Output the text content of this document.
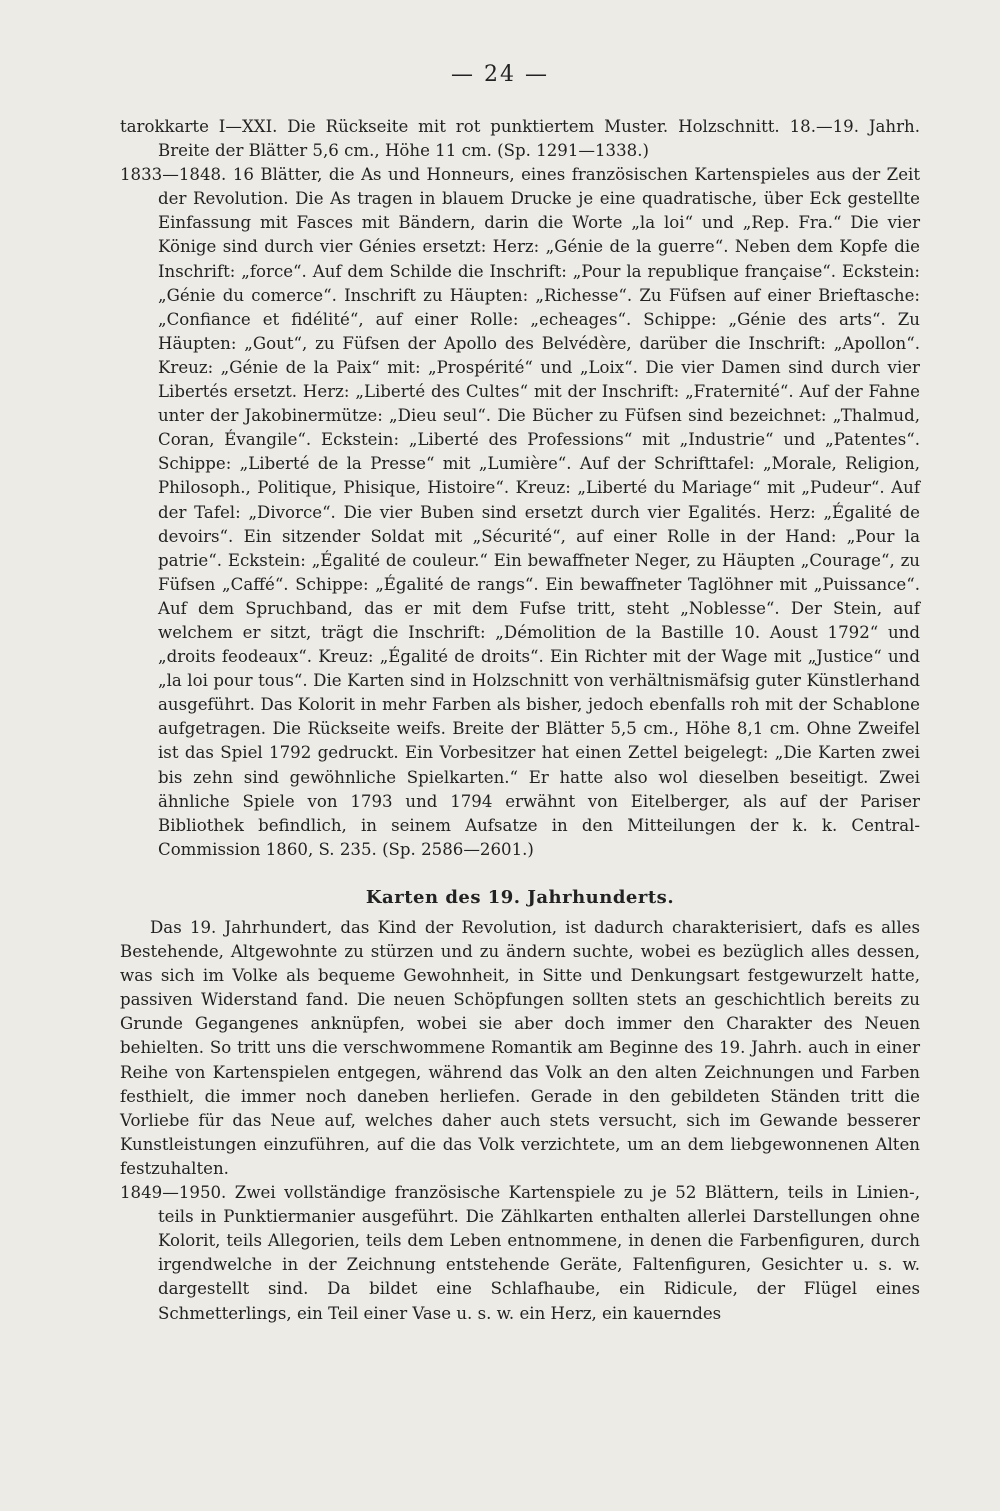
— 24 —

tarokkarte I—XXI. Die Rückseite mit rot punktiertem Muster. Holzschnitt. 18.—19. Jahrh. Breite der Blätter 5,6 cm., Höhe 11 cm. (Sp. 1291—1338.)

1833—1848. 16 Blätter, die As und Honneurs, eines französischen Kartenspieles aus der Zeit der Revolution. Die As tragen in blauem Drucke je eine quadratische, über Eck gestellte Einfassung mit Fasces mit Bändern, darin die Worte „la loi“ und „Rep. Fra.“ Die vier Könige sind durch vier Génies ersetzt: Herz: „Génie de la guerre“. Neben dem Kopfe die Inschrift: „force“. Auf dem Schilde die Inschrift: „Pour la republique française“. Eckstein: „Génie du comerce“. Inschrift zu Häupten: „Richesse“. Zu Füfsen auf einer Brieftasche: „Confiance et fidélité“, auf einer Rolle: „echeages“. Schippe: „Génie des arts“. Zu Häupten: „Gout“, zu Füfsen der Apollo des Belvédère, darüber die Inschrift: „Apollon“. Kreuz: „Génie de la Paix“ mit: „Prospérité“ und „Loix“. Die vier Damen sind durch vier Libertés ersetzt. Herz: „Liberté des Cultes“ mit der Inschrift: „Fraternité“. Auf der Fahne unter der Jakobinermütze: „Dieu seul“. Die Bücher zu Füfsen sind bezeichnet: „Thalmud, Coran, Évangile“. Eckstein: „Liberté des Professions“ mit „Industrie“ und „Patentes“. Schippe: „Liberté de la Presse“ mit „Lumière“. Auf der Schrifttafel: „Morale, Religion, Philosoph., Politique, Phisique, Histoire“. Kreuz: „Liberté du Mariage“ mit „Pudeur“. Auf der Tafel: „Divorce“. Die vier Buben sind ersetzt durch vier Egalités. Herz: „Égalité de devoirs“. Ein sitzender Soldat mit „Sécurité“, auf einer Rolle in der Hand: „Pour la patrie“. Eckstein: „Égalité de couleur.“ Ein bewaffneter Neger, zu Häupten „Courage“, zu Füfsen „Caffé“. Schippe: „Égalité de rangs“. Ein bewaffneter Taglöhner mit „Puissance“. Auf dem Spruchband, das er mit dem Fufse tritt, steht „Noblesse“. Der Stein, auf welchem er sitzt, trägt die Inschrift: „Démolition de la Bastille 10. Aoust 1792“ und „droits feodeaux“. Kreuz: „Égalité de droits“. Ein Richter mit der Wage mit „Justice“ und „la loi pour tous“. Die Karten sind in Holzschnitt von verhältnismäfsig guter Künstlerhand ausgeführt. Das Kolorit in mehr Farben als bisher, jedoch ebenfalls roh mit der Schablone aufgetragen. Die Rückseite weifs. Breite der Blätter 5,5 cm., Höhe 8,1 cm. Ohne Zweifel ist das Spiel 1792 gedruckt. Ein Vorbesitzer hat einen Zettel beigelegt: „Die Karten zwei bis zehn sind gewöhnliche Spielkarten.“ Er hatte also wol dieselben beseitigt. Zwei ähnliche Spiele von 1793 und 1794 erwähnt von Eitelberger, als auf der Pariser Bibliothek befindlich, in seinem Aufsatze in den Mitteilungen der k. k. Central-Commission 1860, S. 235. (Sp. 2586—2601.)

Karten des 19. Jahrhunderts.

Das 19. Jahrhundert, das Kind der Revolution, ist dadurch charakterisiert, dafs es alles Bestehende, Altgewohnte zu stürzen und zu ändern suchte, wobei es bezüglich alles dessen, was sich im Volke als bequeme Gewohnheit, in Sitte und Denkungsart festgewurzelt hatte, passiven Widerstand fand. Die neuen Schöpfungen sollten stets an geschichtlich bereits zu Grunde Gegangenes anknüpfen, wobei sie aber doch immer den Charakter des Neuen behielten. So tritt uns die verschwommene Romantik am Beginne des 19. Jahrh. auch in einer Reihe von Kartenspielen entgegen, während das Volk an den alten Zeichnungen und Farben festhielt, die immer noch daneben herliefen. Gerade in den gebildeten Ständen tritt die Vorliebe für das Neue auf, welches daher auch stets versucht, sich im Gewande besserer Kunstleistungen einzuführen, auf die das Volk verzichtete, um an dem liebgewonnenen Alten festzuhalten.

1849—1950. Zwei vollständige französische Kartenspiele zu je 52 Blättern, teils in Linien-, teils in Punktiermanier ausgeführt. Die Zählkarten enthalten allerlei Darstellungen ohne Kolorit, teils Allegorien, teils dem Leben entnommene, in denen die Farbenfiguren, durch irgendwelche in der Zeichnung entstehende Geräte, Faltenfiguren, Gesichter u. s. w. dargestellt sind. Da bildet eine Schlafhaube, ein Ridicule, der Flügel eines Schmetterlings, ein Teil einer Vase u. s. w. ein Herz, ein kauerndes
